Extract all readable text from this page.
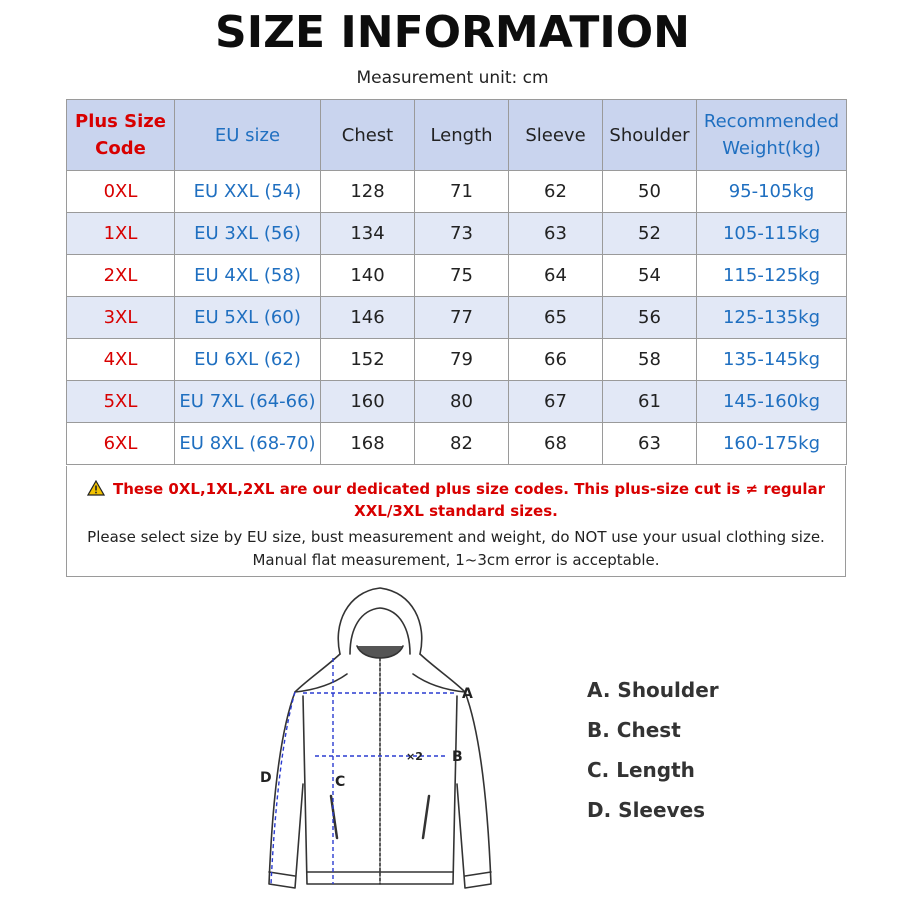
SIZE INFORMATION
Measurement unit: cm
Plus Size
Code	EU size	Chest	Length	Sleeve	Shoulder	Recommended
Weight(kg)
0XL	EU XXL (54)	128	71	62	50	95-105kg
1XL	EU 3XL (56)	134	73	63	52	105-115kg
2XL	EU 4XL (58)	140	75	64	54	115-125kg
3XL	EU 5XL (60)	146	77	65	56	125-135kg
4XL	EU 6XL (62)	152	79	66	58	135-145kg
5XL	EU 7XL (64-66)	160	80	67	61	145-160kg
6XL	EU 8XL (68-70)	168	82	68	63	160-175kg
These 0XL,1XL,2XL are our dedicated plus size codes. This plus-size cut is ≠ regular XXL/3XL standard sizes.
Please select size by EU size, bust measurement and weight, do NOT use your usual clothing size.
Manual flat measurement, 1~3cm error is acceptable.
A
B
C
D
×2
A. Shoulder
B. Chest
C. Length
D. Sleeves
